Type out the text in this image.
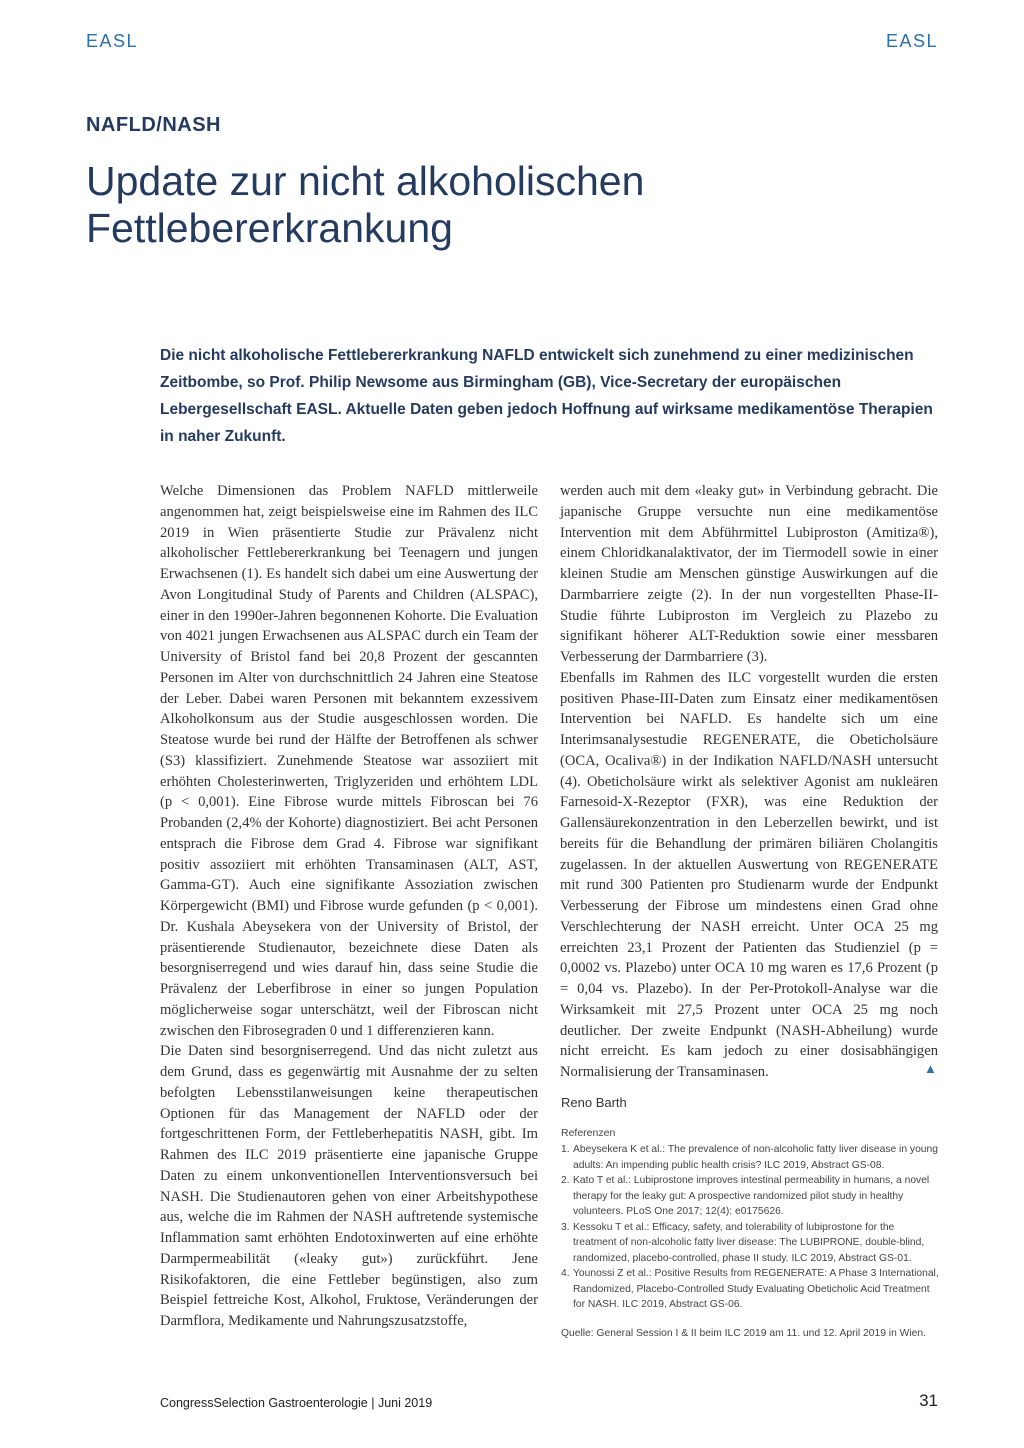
EASL	EASL
NAFLD/NASH
Update zur nicht alkoholischen
Fettlebererkrankung

Die nicht alkoholische Fettlebererkrankung NAFLD entwickelt sich zunehmend zu einer medizinischen Zeitbombe, so Prof. Philip Newsome aus Birmingham (GB), Vice-Secretary der europäischen Lebergesellschaft EASL. Aktuelle Daten geben jedoch Hoffnung auf wirksame medikamentöse Therapien in naher Zukunft.

Welche Dimensionen das Problem NAFLD mittlerweile angenommen hat, zeigt beispielsweise eine im Rahmen des ILC 2019 in Wien präsentierte Studie zur Prävalenz nicht alkoholischer Fettlebererkrankung bei Teenagern und jungen Erwachsenen (1). Es handelt sich dabei um eine Auswertung der Avon Longitudinal Study of Parents and Children (ALSPAC), einer in den 1990er-Jahren begonnenen Kohorte. Die Evaluation von 4021 jungen Erwachsenen aus ALSPAC durch ein Team der University of Bristol fand bei 20,8 Prozent der gescannten Personen im Alter von durchschnittlich 24 Jahren eine Steatose der Leber. Dabei waren Personen mit bekanntem exzessivem Alkoholkonsum aus der Studie ausgeschlossen worden. Die Steatose wurde bei rund der Hälfte der Betroffenen als schwer (S3) klassifiziert. Zunehmende Steatose war assoziiert mit erhöhten Cholesterinwerten, Triglyzeriden und erhöhtem LDL (p < 0,001). Eine Fibrose wurde mittels Fibroscan bei 76 Probanden (2,4% der Kohorte) diagnostiziert. Bei acht Personen entsprach die Fibrose dem Grad 4. Fibrose war signifikant positiv assoziiert mit erhöhten Transaminasen (ALT, AST, Gamma-GT). Auch eine signifikante Assoziation zwischen Körpergewicht (BMI) und Fibrose wurde gefunden (p < 0,001). Dr. Kushala Abeysekera von der University of Bristol, der präsentierende Studienautor, bezeichnete diese Daten als besorgniserregend und wies darauf hin, dass seine Studie die Prävalenz der Leberfibrose in einer so jungen Population möglicherweise sogar unterschätzt, weil der Fibroscan nicht zwischen den Fibrosegraden 0 und 1 differenzieren kann.

Die Daten sind besorgniserregend. Und das nicht zuletzt aus dem Grund, dass es gegenwärtig mit Ausnahme der zu selten befolgten Lebensstilanweisungen keine therapeutischen Optionen für das Management der NAFLD oder der fortgeschrittenen Form, der Fettleberhepatitis NASH, gibt. Im Rahmen des ILC 2019 präsentierte eine japanische Gruppe Daten zu einem unkonventionellen Interventionsversuch bei NASH. Die Studienautoren gehen von einer Arbeitshypothese aus, welche die im Rahmen der NASH auftretende systemische Inflammation samt erhöhten Endotoxinwerten auf eine erhöhte Darmpermeabilität («leaky gut») zurückführt. Jene Risikofaktoren, die eine Fettleber begünstigen, also zum Beispiel fettreiche Kost, Alkohol, Fruktose, Veränderungen der Darmflora, Medikamente und Nahrungszusatzstoffe,

werden auch mit dem «leaky gut» in Verbindung gebracht. Die japanische Gruppe versuchte nun eine medikamentöse Intervention mit dem Abführmittel Lubiproston (Amitiza®), einem Chloridkanalaktivator, der im Tiermodell sowie in einer kleinen Studie am Menschen günstige Auswirkungen auf die Darmbarriere zeigte (2). In der nun vorgestellten Phase-II-Studie führte Lubiproston im Vergleich zu Plazebo zu signifikant höherer ALT-Reduktion sowie einer messbaren Verbesserung der Darmbarriere (3).

Ebenfalls im Rahmen des ILC vorgestellt wurden die ersten positiven Phase-III-Daten zum Einsatz einer medikamentösen Intervention bei NAFLD. Es handelte sich um eine Interimsanalysestudie REGENERATE, die Obeticholsäure (OCA, Ocaliva®) in der Indikation NAFLD/NASH untersucht (4). Obeticholsäure wirkt als selektiver Agonist am nukleären Farnesoid-X-Rezeptor (FXR), was eine Reduktion der Gallensäurekonzentration in den Leberzellen bewirkt, und ist bereits für die Behandlung der primären biliären Cholangitis zugelassen. In der aktuellen Auswertung von REGENERATE mit rund 300 Patienten pro Studienarm wurde der Endpunkt Verbesserung der Fibrose um mindestens einen Grad ohne Verschlechterung der NASH erreicht. Unter OCA 25 mg erreichten 23,1 Prozent der Patienten das Studienziel (p = 0,0002 vs. Plazebo) unter OCA 10 mg waren es 17,6 Prozent (p = 0,04 vs. Plazebo). In der Per-Protokoll-Analyse war die Wirksamkeit mit 27,5 Prozent unter OCA 25 mg noch deutlicher. Der zweite Endpunkt (NASH-Abheilung) wurde nicht erreicht. Es kam jedoch zu einer dosisabhängigen Normalisierung der Transaminasen.	▲
Reno Barth
Referenzen
1. Abeysekera K et al.: The prevalence of non-alcoholic fatty liver disease in young adults: An impending public health crisis? ILC 2019, Abstract GS-08.
2. Kato T et al.: Lubiprostone improves intestinal permeability in humans, a novel therapy for the leaky gut: A prospective randomized pilot study in healthy volunteers. PLoS One 2017; 12(4): e0175626.
3. Kessoku T et al.: Efficacy, safety, and tolerability of lubiprostone for the treatment of non-alcoholic fatty liver disease: The LUBIPRONE, double-blind, randomized, placebo-controlled, phase II study. ILC 2019, Abstract GS-01.
4. Younossi Z et al.: Positive Results from REGENERATE: A Phase 3 International, Randomized, Placebo-Controlled Study Evaluating Obeticholic Acid Treatment for NASH. ILC 2019, Abstract GS-06.
Quelle: General Session I & II beim ILC 2019 am 11. und 12. April 2019 in Wien.
CongressSelection Gastroenterologie | Juni 2019	31
